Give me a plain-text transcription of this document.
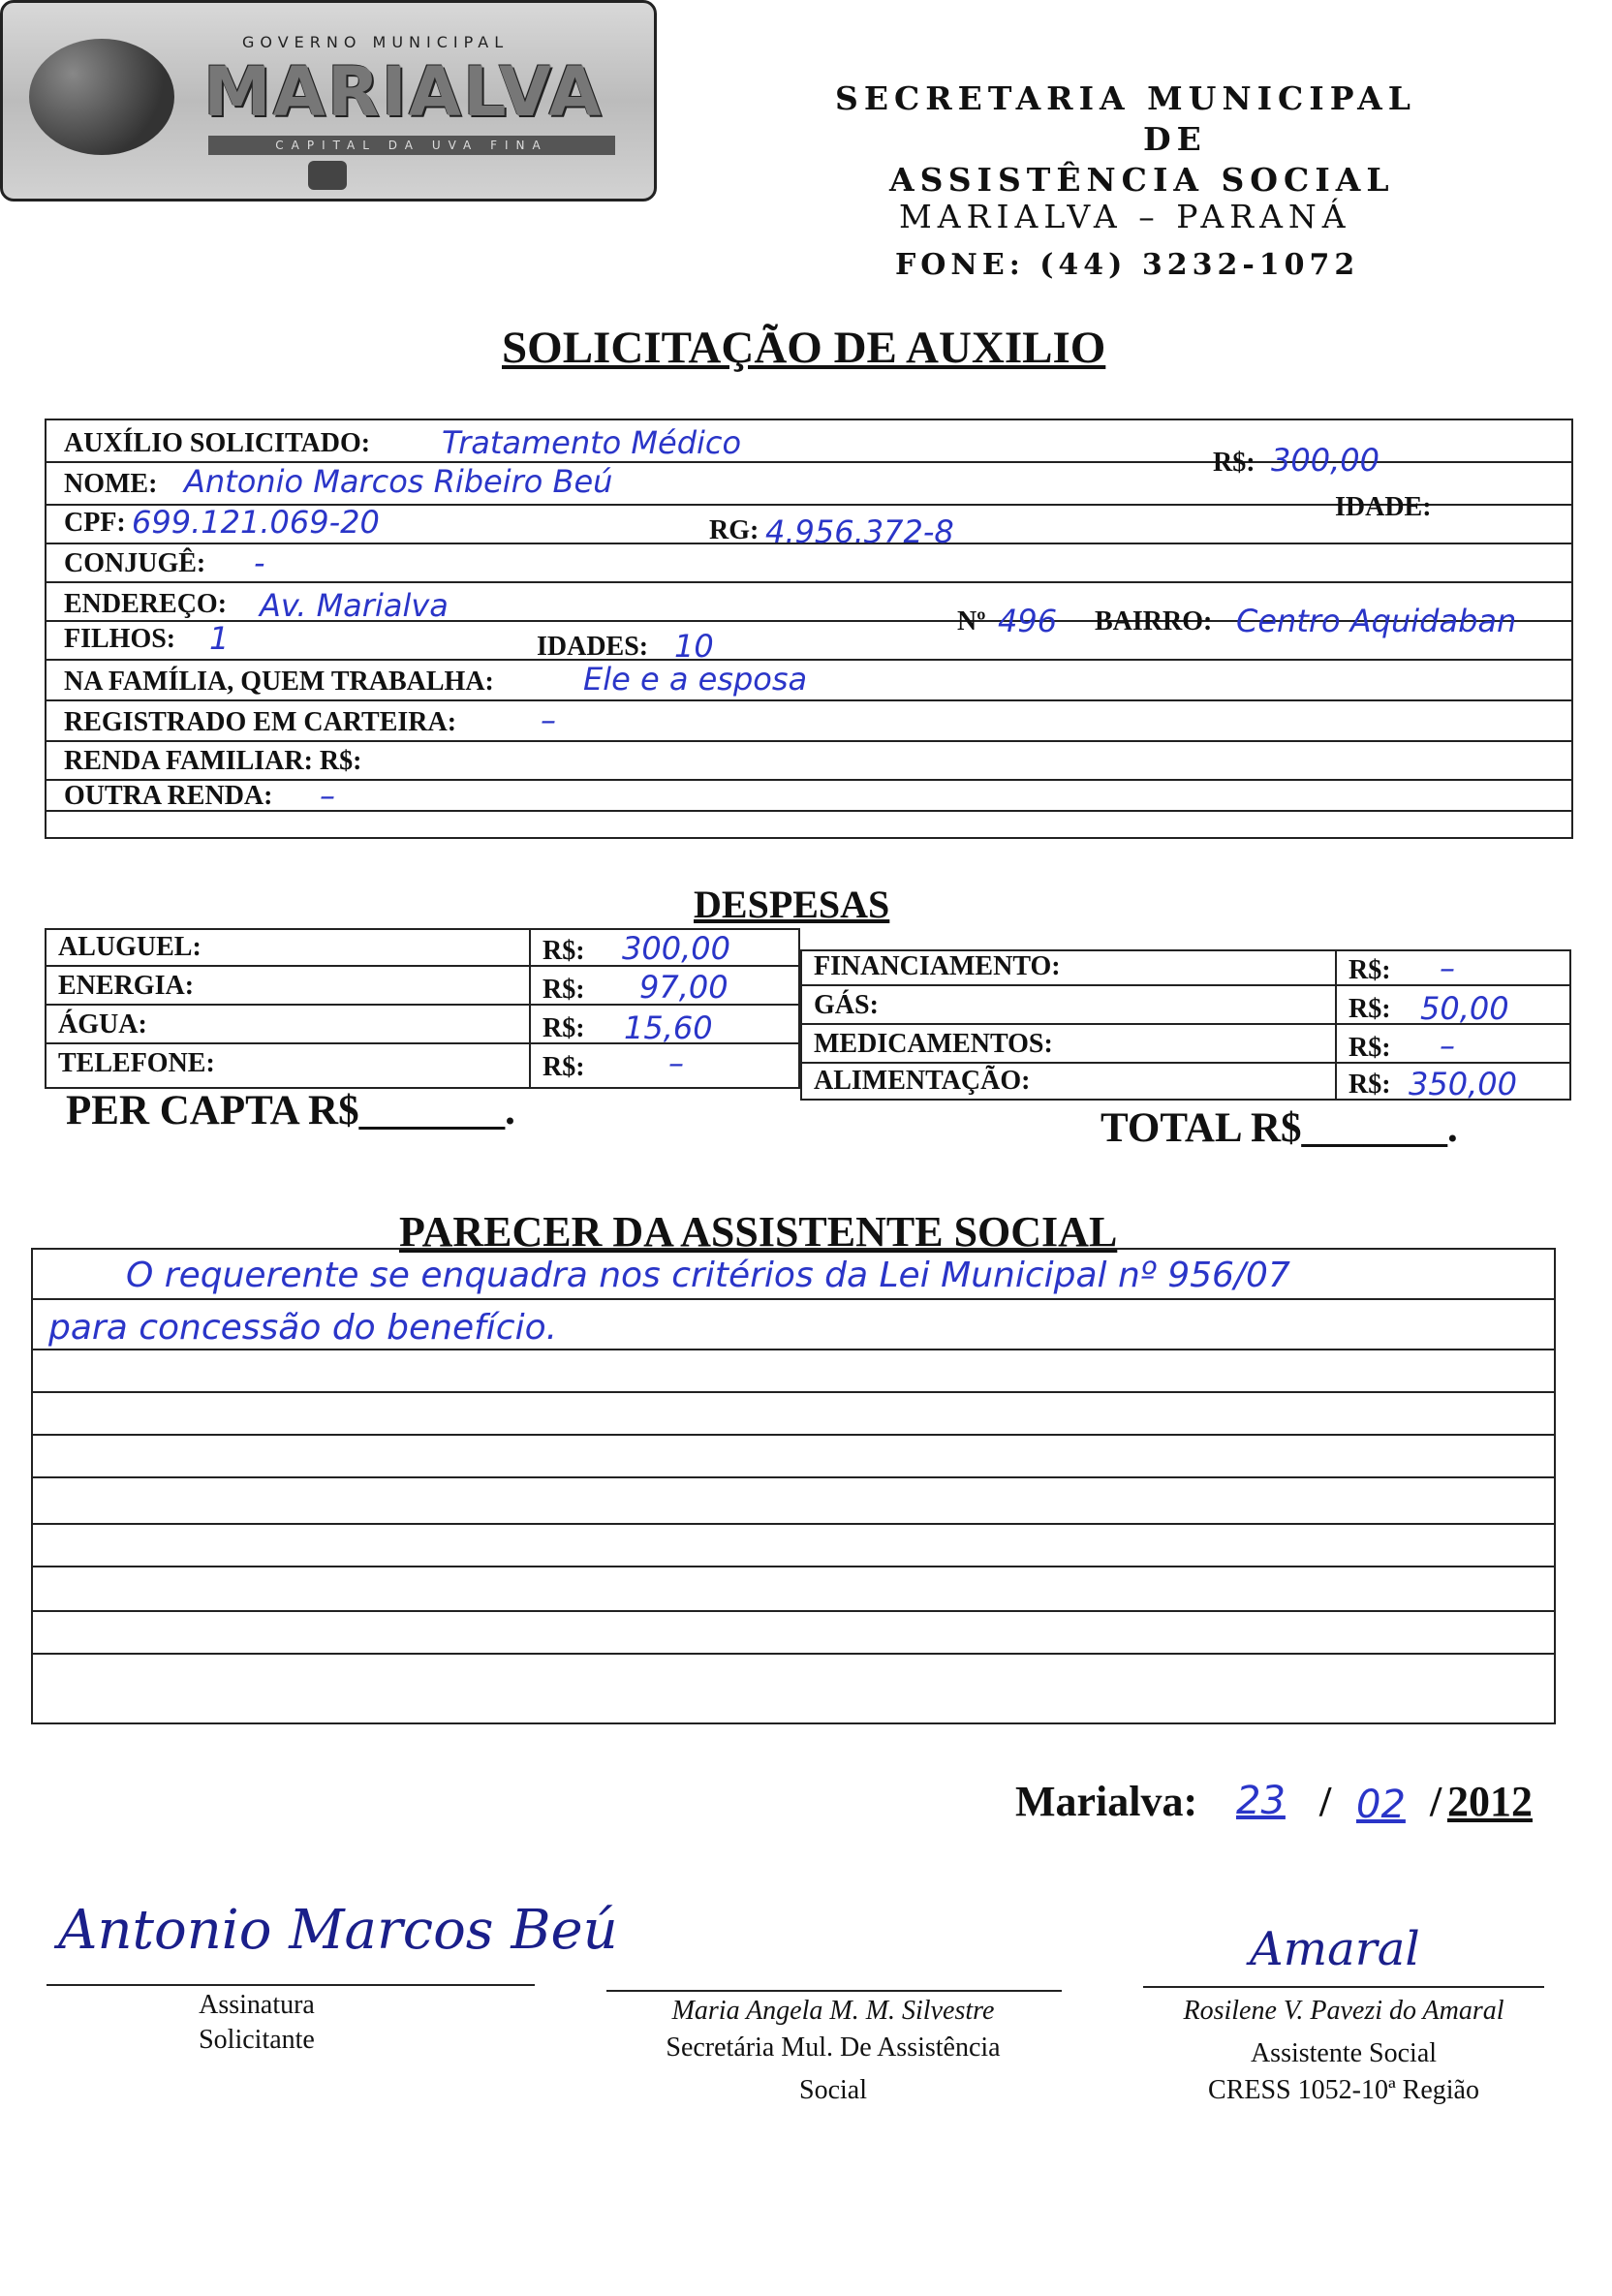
GOVERNO MUNICIPAL
MARIALVA
CAPITAL DA UVA FINA
SECRETARIA MUNICIPAL
DE
ASSISTÊNCIA SOCIAL
MARIALVA – PARANÁ
FONE: (44) 3232-1072
SOLICITAÇÃO DE AUXILIO
AUXÍLIO SOLICITADO: Tratamento Médico
R$: 300,00
NOME: Antonio Marcos Ribeiro Beú
IDADE:
CPF: 699.121.069-20	RG: 4.956.372-8
CONJUGÊ: -
ENDEREÇO: Av. Marialva	Nº 496 BAIRRO: Centro Aquidaban
FILHOS: 1	IDADES: 10
NA FAMÍLIA, QUEM TRABALHA:	Ele e a esposa
REGISTRADO EM CARTEIRA:	–
RENDA FAMILIAR: R$:
OUTRA RENDA: –
DESPESAS
ALUGUEL:	R$: 300,00
ENERGIA:	R$: 97,00
ÁGUA:	R$: 15,60
TELEFONE:	R$:	–
FINANCIAMENTO:	R$: –
GÁS:	R$: 50,00
MEDICAMENTOS:	R$: –
ALIMENTAÇÃO:	R$: 350,00
PER CAPTA R$_______.	TOTAL R$_______.
PARECER DA ASSISTENTE SOCIAL
O requerente se enquadra nos critérios da Lei Municipal nº 956/07
para concessão do benefício.
Marialva: 23 / 02 / 2012
Antonio Marcos Beú
Assinatura
Solicitante
Maria Angela M. M. Silvestre
Secretária Mul. De Assistência
Social
Amaral
Rosilene V. Pavezi do Amaral
Assistente Social
CRESS 1052-10ª Região
